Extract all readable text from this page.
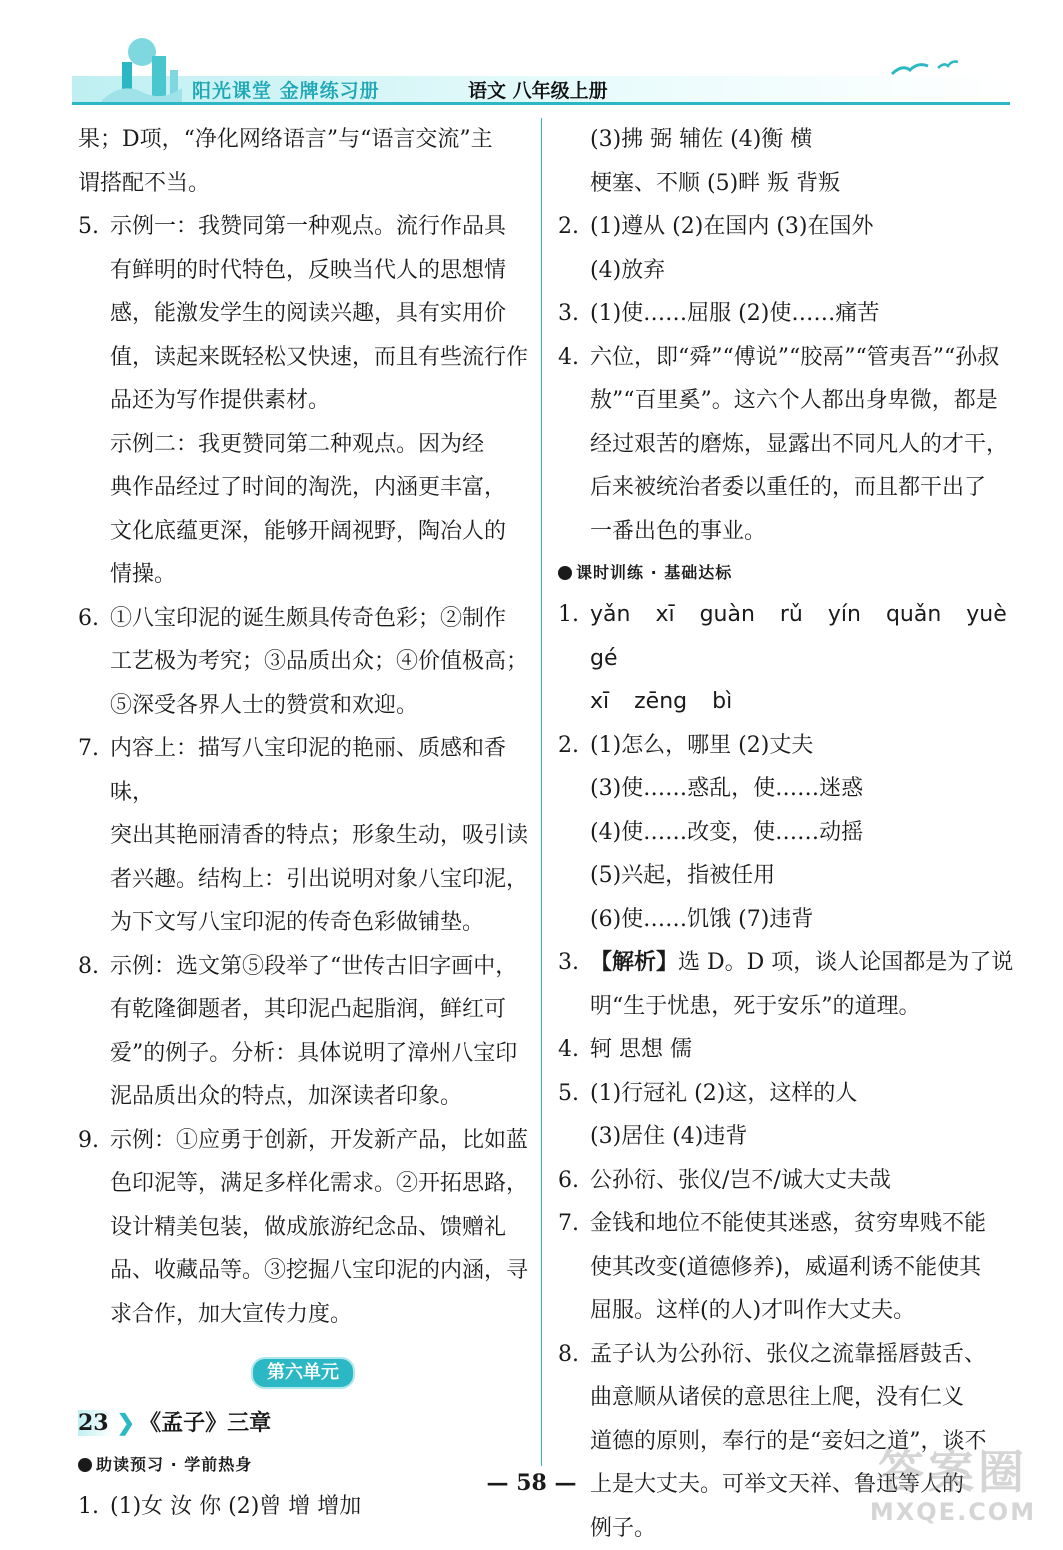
阳光课堂 金牌练习册	语文 八年级上册
果；D项，“净化网络语言”与“语言交流”主
谓搭配不当。
5. 示例一：我赞同第一种观点。流行作品具
有鲜明的时代特色，反映当代人的思想情
感，能激发学生的阅读兴趣，具有实用价
值，读起来既轻松又快速，而且有些流行作
品还为写作提供素材。
示例二：我更赞同第二种观点。因为经
典作品经过了时间的淘洗，内涵更丰富，
文化底蕴更深，能够开阔视野，陶冶人的
情操。
6. ①八宝印泥的诞生颇具传奇色彩；②制作
工艺极为考究；③品质出众；④价值极高；
⑤深受各界人士的赞赏和欢迎。
7. 内容上：描写八宝印泥的艳丽、质感和香味，
突出其艳丽清香的特点；形象生动，吸引读
者兴趣。结构上：引出说明对象八宝印泥，
为下文写八宝印泥的传奇色彩做铺垫。
8. 示例：选文第⑤段举了“世传古旧字画中，
有乾隆御题者，其印泥凸起脂润，鲜红可
爱”的例子。分析：具体说明了漳州八宝印
泥品质出众的特点，加深读者印象。
9. 示例：①应勇于创新，开发新产品，比如蓝
色印泥等，满足多样化需求。②开拓思路，
设计精美包装，做成旅游纪念品、馈赠礼
品、收藏品等。③挖掘八宝印泥的内涵，寻
求合作，加大宣传力度。
第六单元
23 ❯ 《孟子》三章
助读预习 · 学前热身
1. (1)女 汝 你 (2)曾 增 增加
(3)拂 弼 辅佐 (4)衡 横
梗塞、不顺 (5)畔 叛 背叛
2. (1)遵从 (2)在国内 (3)在国外
(4)放弃
3. (1)使……屈服 (2)使……痛苦
4. 六位，即“舜”“傅说”“胶鬲”“管夷吾”“孙叔
敖”“百里奚”。这六个人都出身卑微，都是
经过艰苦的磨炼，显露出不同凡人的才干，
后来被统治者委以重任的，而且都干出了
一番出色的事业。
课时训练 · 基础达标
1. yǎn xī guàn rǔ yín quǎn yuè gé
xī zēng bì
2. (1)怎么，哪里 (2)丈夫
(3)使……惑乱，使……迷惑
(4)使……改变，使……动摇
(5)兴起，指被任用
(6)使……饥饿 (7)违背
3. 【解析】选 D。D 项，谈人论国都是为了说
明“生于忧患，死于安乐”的道理。
4. 轲 思想 儒
5. (1)行冠礼 (2)这，这样的人
(3)居住 (4)违背
6. 公孙衍、张仪/岂不/诚大丈夫哉
7. 金钱和地位不能使其迷惑，贫穷卑贱不能
使其改变(道德修养)，威逼利诱不能使其
屈服。这样(的人)才叫作大丈夫。
8. 孟子认为公孙衍、张仪之流靠摇唇鼓舌、
曲意顺从诸侯的意思往上爬，没有仁义
道德的原则，奉行的是“妾妇之道”，谈不
上是大丈夫。可举文天祥、鲁迅等人的
例子。
— 58 —	答案圈
MXQE.COM
